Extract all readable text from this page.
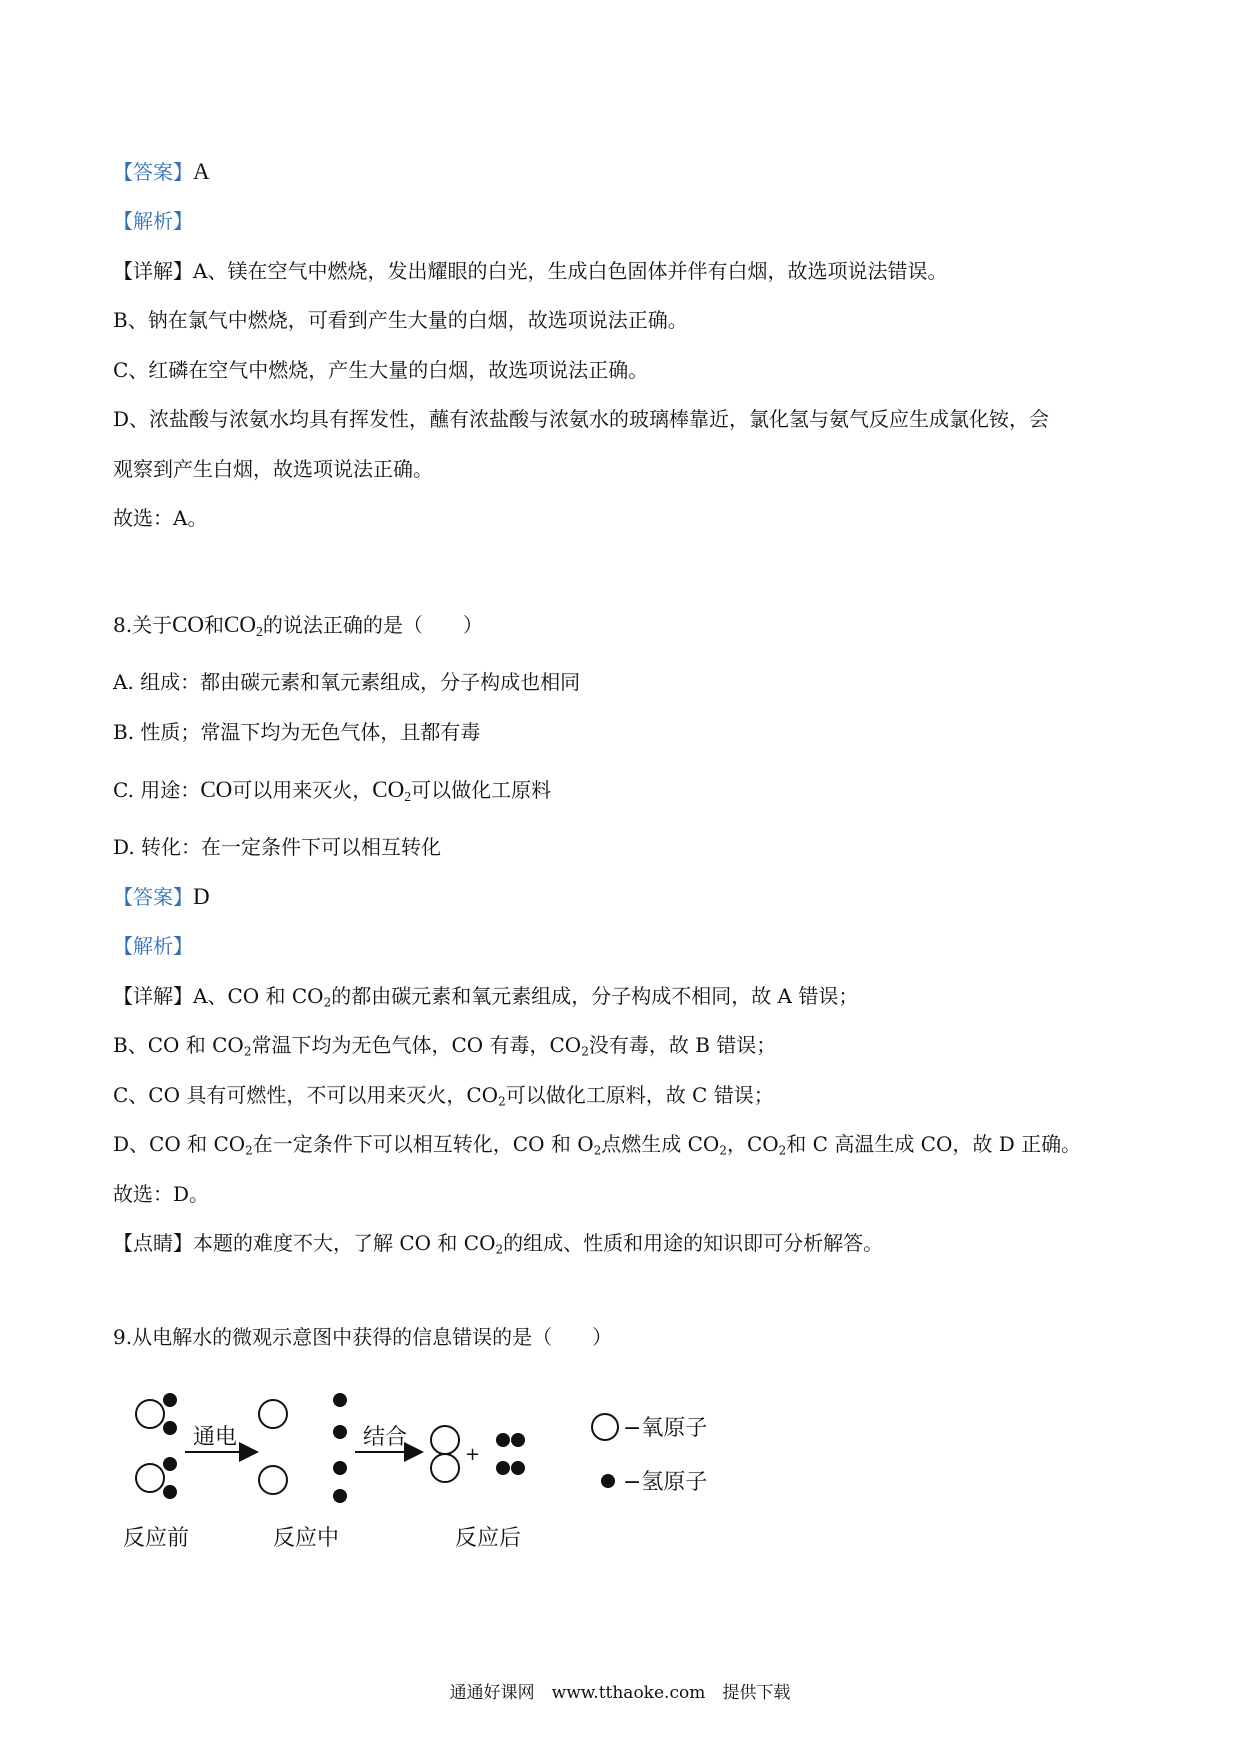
【答案】A
【解析】
【详解】A、镁在空气中燃烧，发出耀眼的白光，生成白色固体并伴有白烟，故选项说法错误。
B、钠在氯气中燃烧，可看到产生大量的白烟，故选项说法正确。
C、红磷在空气中燃烧，产生大量的白烟，故选项说法正确。
D、浓盐酸与浓氨水均具有挥发性，蘸有浓盐酸与浓氨水的玻璃棒靠近，氯化氢与氨气反应生成氯化铵，会
观察到产生白烟，故选项说法正确。
故选：A。
8.关于CO和$CO_2$的说法正确的是（　　）
A. 组成：都由碳元素和氧元素组成，分子构成也相同
B. 性质；常温下均为无色气体，且都有毒
C. 用途：CO可以用来灭火，$CO_2$可以做化工原料
D. 转化：在一定条件下可以相互转化
【答案】D
【解析】
【详解】A、CO 和 $CO_2$的都由碳元素和氧元素组成，分子构成不相同，故 A 错误；
B、CO 和 $CO_2$常温下均为无色气体，CO 有毒，$CO_2$没有毒，故 B 错误；
C、CO 具有可燃性，不可以用来灭火，$CO_2$可以做化工原料，故 C 错误；
D、CO 和 $CO_2$在一定条件下可以相互转化，CO 和 $O_2$点燃生成 $CO_2$，$CO_2$和 C 高温生成 CO，故 D 正确。
故选：D。
【点睛】本题的难度不大，了解 CO 和 $CO_2$的组成、性质和用途的知识即可分析解答。
9.从电解水的微观示意图中获得的信息错误的是（　　）
通电	结合
+
−氧原子
−氢原子
反应前	反应中	反应后
通通好课网　www.tthaoke.com　提供下载
